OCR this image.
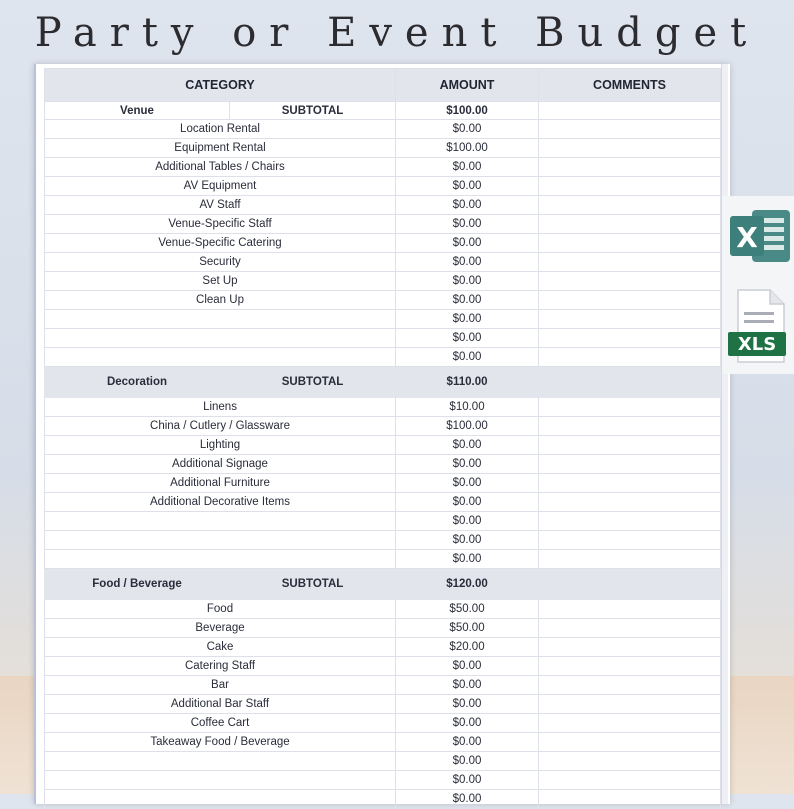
Party or Event Budget
CATEGORY		AMOUNT	COMMENTS
Venue	SUBTOTAL	$100.00	
Location Rental		$0.00	
Equipment Rental		$100.00	
Additional Tables / Chairs		$0.00	
AV Equipment		$0.00	
AV Staff		$0.00	
Venue-Specific Staff		$0.00	
Venue-Specific Catering		$0.00	
Security		$0.00	
Set Up		$0.00	
Clean Up		$0.00	
		$0.00	
		$0.00	
		$0.00	
Decoration	SUBTOTAL	$110.00	
Linens		$10.00	
China / Cutlery / Glassware		$100.00	
Lighting		$0.00	
Additional Signage		$0.00	
Additional Furniture		$0.00	
Additional Decorative Items		$0.00	
		$0.00	
		$0.00	
		$0.00	
Food / Beverage	SUBTOTAL	$120.00	
Food		$50.00	
Beverage		$50.00	
Cake		$20.00	
Catering Staff		$0.00	
Bar		$0.00	
Additional Bar Staff		$0.00	
Coffee Cart		$0.00	
Takeaway Food / Beverage		$0.00	
		$0.00	
		$0.00	
		$0.00	
X
XLS
